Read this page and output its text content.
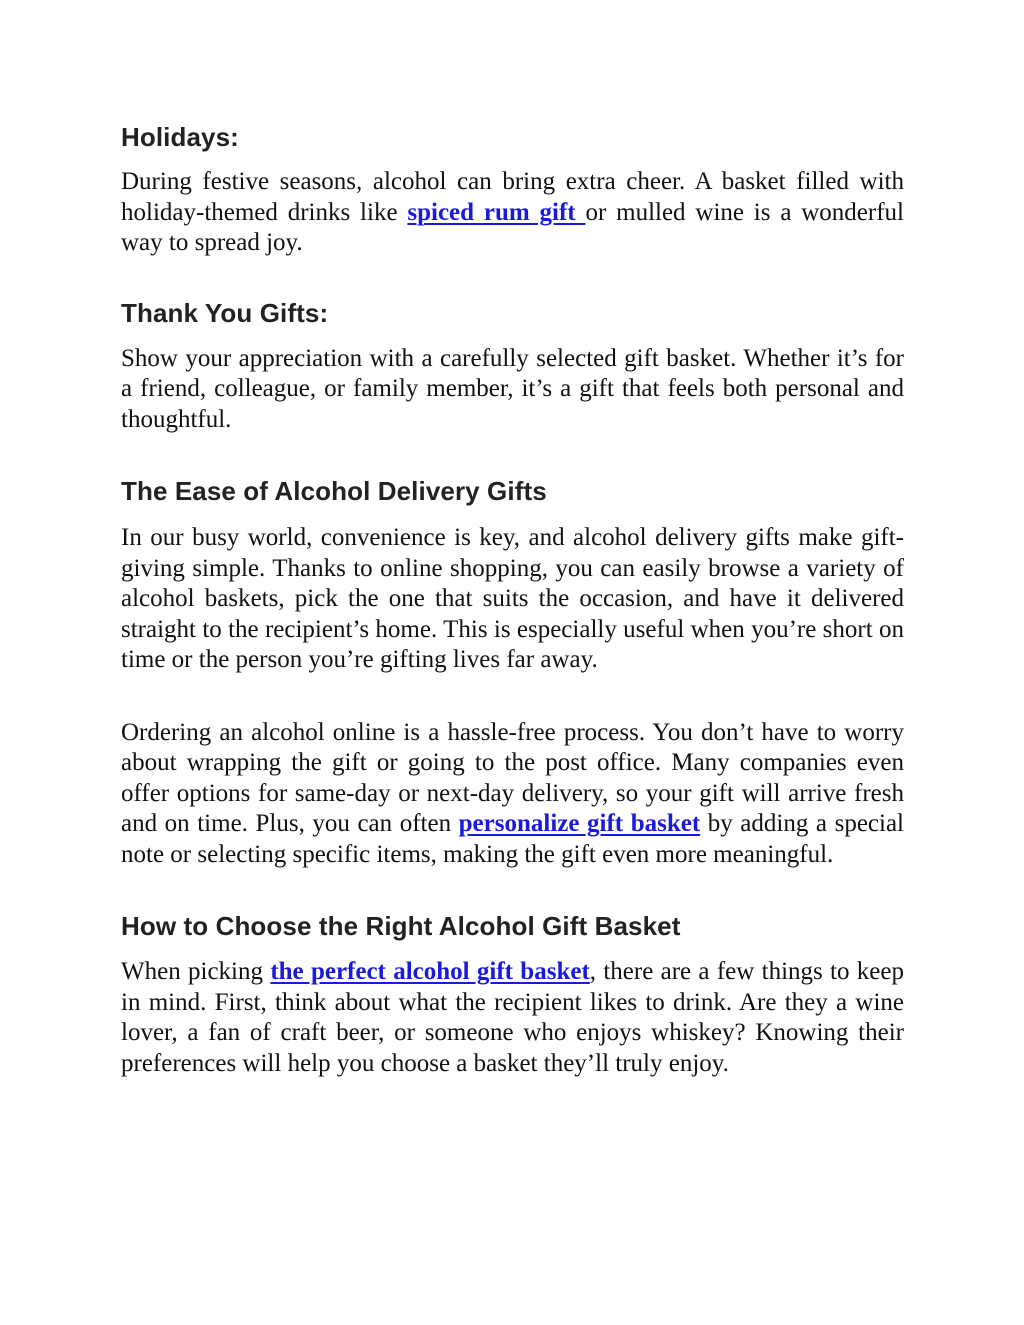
Holidays:

During festive seasons, alcohol can bring extra cheer. A basket filled with holiday-themed drinks like spiced rum gift or mulled wine is a wonderful way to spread joy.

Thank You Gifts:

Show your appreciation with a carefully selected gift basket. Whether it’s for a friend, colleague, or family member, it’s a gift that feels both personal and thoughtful.

The Ease of Alcohol Delivery Gifts

In our busy world, convenience is key, and alcohol delivery gifts make gift-giving simple. Thanks to online shopping, you can easily browse a variety of alcohol baskets, pick the one that suits the occasion, and have it delivered straight to the recipient’s home. This is especially useful when you’re short on time or the person you’re gifting lives far away.

Ordering an alcohol online is a hassle-free process. You don’t have to worry about wrapping the gift or going to the post office. Many companies even offer options for same-day or next-day delivery, so your gift will arrive fresh and on time. Plus, you can often personalize gift basket by adding a special note or selecting specific items, making the gift even more meaningful.

How to Choose the Right Alcohol Gift Basket

When picking the perfect alcohol gift basket, there are a few things to keep in mind. First, think about what the recipient likes to drink. Are they a wine lover, a fan of craft beer, or someone who enjoys whiskey? Knowing their preferences will help you choose a basket they’ll truly enjoy.
